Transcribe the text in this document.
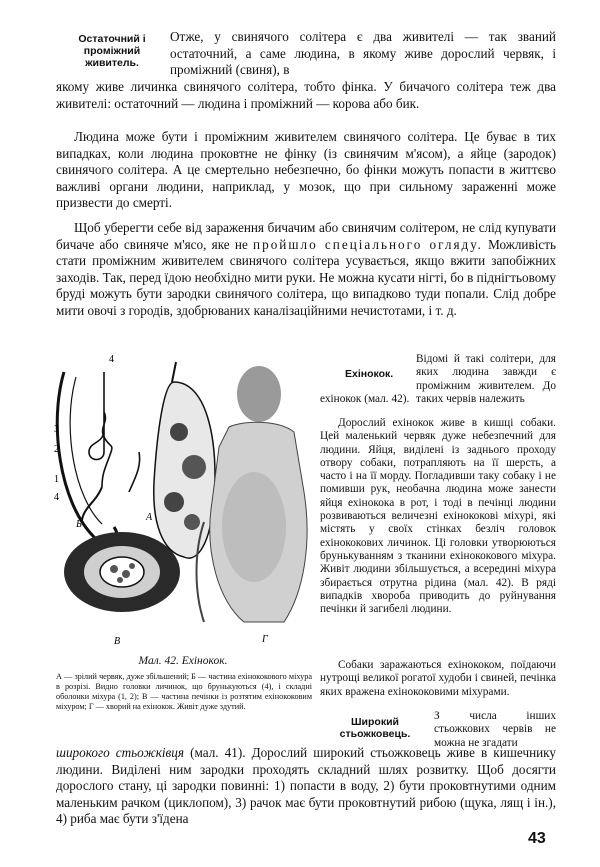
Остаточний і проміжний живитель.

Отже, у свинячого солітера є два живителі — так званий остаточний, а саме людина, в якому живе дорослий червяк, і проміжний (свиня), в

якому живе личинка свинячого солітера, тобто фінка. У бичачого солітера теж два живителі: остаточний — людина і проміжний — корова або бик.

Людина може бути і проміжним живителем свинячого солітера. Це буває в тих випадках, коли людина проковтне не фінку (із свинячим м'ясом), а яйце (зародок) свинячого солітера. А це смертельно небезпечно, бо фінки можуть попасти в життєво важливі органи людини, наприклад, у мозок, що при сильному зараженні може призвести до смерті.

Щоб уберегти себе від зараження бичачим або свинячим солітером, не слід купувати бичаче або свиняче м'ясо, яке не пройшло спеціального огляду. Можливість стати проміжним живителем свинячого солітера усувається, якщо вжити запобіжних заходів. Так, перед їдою необхідно мити руки. Не можна кусати нігті, бо в піднігтьовому бруді можуть бути зародки свинячого солітера, що випадково туди попали. Слід добре мити овочі з городів, здобрюваних каналізаційними нечистотами, і т. д.

4
3
2
1
4
Б
А
В	Г
Мал. 42. Ехінокок.
А — зрілий червяк, дуже збільшений; Б — частина ехінококового міхура в розрізі. Видно головки личинок, що брунькуються (4), і складні оболонки міхура (1, 2); В — частина печінки із розтятим ехінококовим міхуром; Г — хворий на ехінокок. Живіт дуже здутий.

Відомі й такі солітери, для яких людина завжди є проміжним живителем. До таких червів належить

Ехінокок.

ехінокок (мал. 42).

Дорослий ехінокок живе в кишці собаки. Цей маленький червяк дуже небезпечний для людини. Яйця, виділені із заднього проходу отвору собаки, потрапляють на її шерсть, а часто і на її морду. Погладивши таку собаку і не помивши рук, необачна людина може занести яйця ехінокока в рот, і тоді в печінці людини розвиваються величезні ехінококові міхурі, які містять у своїх стінках безліч головок ехінококових личинок. Ці головки утворюються брунькуванням з тканини ехінококового міхура. Живіт людини збільшується, а всередині міхура збирається отрутна рідина (мал. 42). В ряді випадків хвороба приводить до руйнування печінки й загибелі людини.

Собаки заражаються ехінококом, поїдаючи нутрощі великої рогатої худоби і свиней, печінка яких вражена ехінококовими міхурами.

Широкий стьожковець.

З числа інших стьожкових червів не можна не згадати

широкого стьожківця (мал. 41). Дорослий широкий стьожковець живе в кишечнику людини. Виділені ним зародки проходять складний шлях розвитку. Щоб досягти дорослого стану, ці зародки повинні: 1) попасти в воду, 2) бути проковтнутими одним маленьким рачком (циклопом), 3) рачок має бути проковтнутий рибою (щука, лящ і ін.), 4) риба має бути з'їдена

43
